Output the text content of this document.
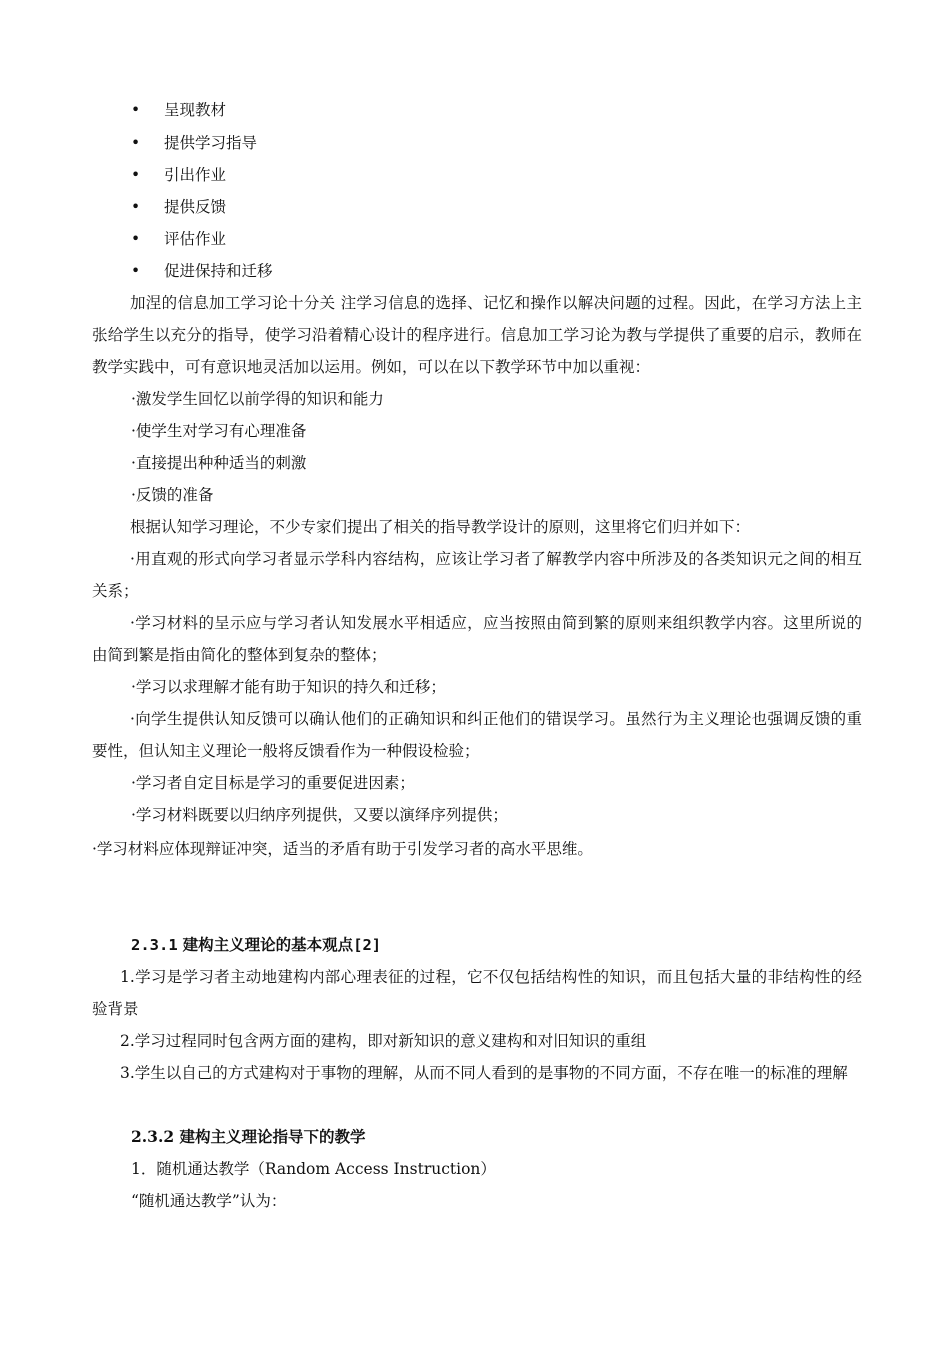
• 呈现教材
• 提供学习指导
• 引出作业
• 提供反馈
• 评估作业
• 促进保持和迁移
加涅的信息加工学习论十分关 注学习信息的选择、记忆和操作以解决问题的过程。因此，在学习方法上主张给学生以充分的指导，使学习沿着精心设计的程序进行。信息加工学习论为教与学提供了重要的启示，教师在教学实践中，可有意识地灵活加以运用。例如，可以在以下教学环节中加以重视：
·激发学生回忆以前学得的知识和能力
·使学生对学习有心理准备
·直接提出种种适当的刺激
·反馈的准备
根据认知学习理论，不少专家们提出了相关的指导教学设计的原则，这里将它们归并如下：
·用直观的形式向学习者显示学科内容结构，应该让学习者了解教学内容中所涉及的各类知识元之间的相互关系；
·学习材料的呈示应与学习者认知发展水平相适应，应当按照由简到繁的原则来组织教学内容。这里所说的由简到繁是指由简化的整体到复杂的整体；
·学习以求理解才能有助于知识的持久和迁移；
·向学生提供认知反馈可以确认他们的正确知识和纠正他们的错误学习。虽然行为主义理论也强调反馈的重要性，但认知主义理论一般将反馈看作为一种假设检验；
·学习者自定目标是学习的重要促进因素；
·学习材料既要以归纳序列提供，又要以演绎序列提供；
·学习材料应体现辩证冲突，适当的矛盾有助于引发学习者的高水平思维。
2.3.1 建构主义理论的基本观点[2]
1.学习是学习者主动地建构内部心理表征的过程，它不仅包括结构性的知识，而且包括大量的非结构性的经验背景
2.学习过程同时包含两方面的建构，即对新知识的意义建构和对旧知识的重组
3.学生以自己的方式建构对于事物的理解，从而不同人看到的是事物的不同方面，不存在唯一的标准的理解
2.3.2 建构主义理论指导下的教学
1．随机通达教学（Random Access Instruction）
“随机通达教学”认为：
